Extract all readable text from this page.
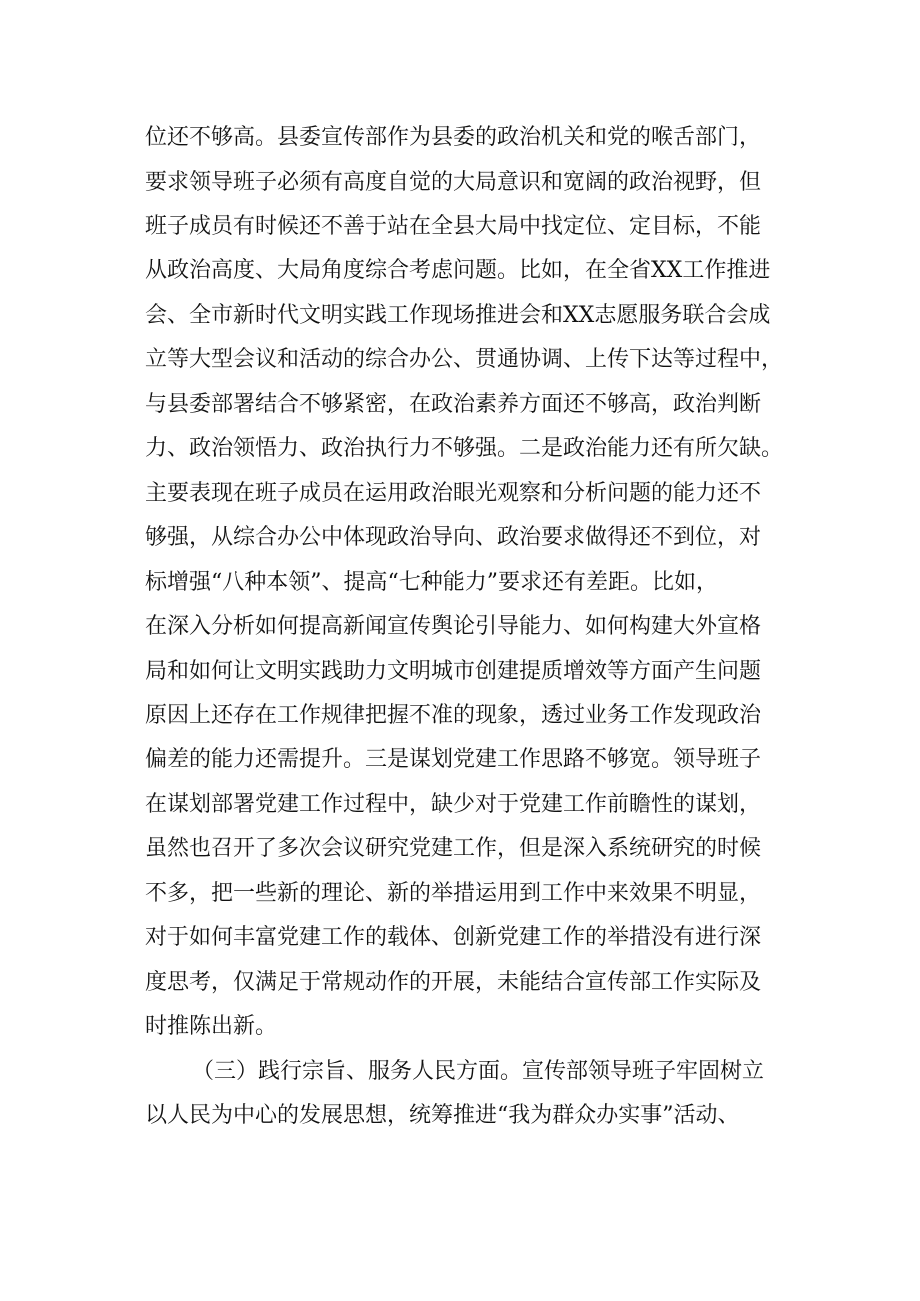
位还不够高。县委宣传部作为县委的政治机关和党的喉舌部门，
要求领导班子必须有高度自觉的大局意识和宽阔的政治视野，但
班子成员有时候还不善于站在全县大局中找定位、定目标，不能
从政治高度、大局角度综合考虑问题。比如，在全省XX工作推进
会、全市新时代文明实践工作现场推进会和XX志愿服务联合会成
立等大型会议和活动的综合办公、贯通协调、上传下达等过程中，
与县委部署结合不够紧密，在政治素养方面还不够高，政治判断
力、政治领悟力、政治执行力不够强。二是政治能力还有所欠缺。
主要表现在班子成员在运用政治眼光观察和分析问题的能力还不
够强，从综合办公中体现政治导向、政治要求做得还不到位，对
标增强“八种本领”、提高“七种能力”要求还有差距。比如，
在深入分析如何提高新闻宣传舆论引导能力、如何构建大外宣格
局和如何让文明实践助力文明城市创建提质增效等方面产生问题
原因上还存在工作规律把握不准的现象，透过业务工作发现政治
偏差的能力还需提升。三是谋划党建工作思路不够宽。领导班子
在谋划部署党建工作过程中，缺少对于党建工作前瞻性的谋划，
虽然也召开了多次会议研究党建工作，但是深入系统研究的时候
不多，把一些新的理论、新的举措运用到工作中来效果不明显，
对于如何丰富党建工作的载体、创新党建工作的举措没有进行深
度思考，仅满足于常规动作的开展，未能结合宣传部工作实际及
时推陈出新。
（三）践行宗旨、服务人民方面。宣传部领导班子牢固树立
以人民为中心的发展思想，统筹推进“我为群众办实事”活动、
